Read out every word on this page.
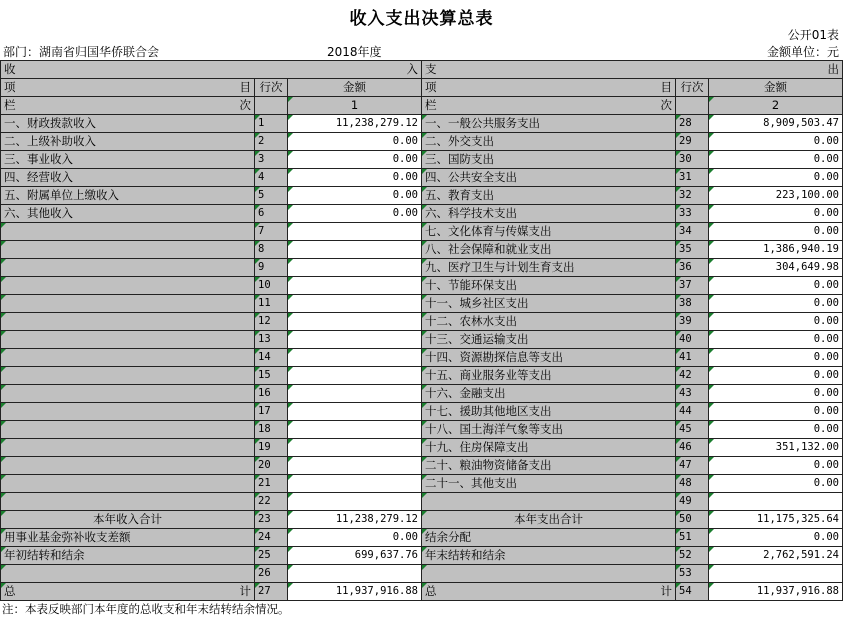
收入支出决算总表
公开01表
部门：湖南省归国华侨联合会	2018年度	金额单位：元
收 入			支 出		

项 目	行次	金额	项 目	行次	金额

栏 次		1	栏 次		2
一、财政拨款收入	1	11,238,279.12	一、一般公共服务支出	28	8,909,503.47
二、上级补助收入	2	0.00	二、外交支出	29	0.00
三、事业收入	3	0.00	三、国防支出	30	0.00
四、经营收入	4	0.00	四、公共安全支出	31	0.00
五、附属单位上缴收入	5	0.00	五、教育支出	32	223,100.00
六、其他收入	6	0.00	六、科学技术支出	33	0.00
	7		七、文化体育与传媒支出	34	0.00
	8		八、社会保障和就业支出	35	1,386,940.19
	9		九、医疗卫生与计划生育支出	36	304,649.98
	10		十、节能环保支出	37	0.00
	11		十一、城乡社区支出	38	0.00
	12		十二、农林水支出	39	0.00
	13		十三、交通运输支出	40	0.00
	14		十四、资源勘探信息等支出	41	0.00
	15		十五、商业服务业等支出	42	0.00
	16		十六、金融支出	43	0.00
	17		十七、援助其他地区支出	44	0.00
	18		十八、国土海洋气象等支出	45	0.00
	19		十九、住房保障支出	46	351,132.00
	20		二十、粮油物资储备支出	47	0.00
	21		二十一、其他支出	48	0.00
	22			49	
本年收入合计	23	11,238,279.12	本年支出合计	50	11,175,325.64
用事业基金弥补收支差额	24	0.00	结余分配	51	0.00
年初结转和结余	25	699,637.76	年末结转和结余	52	2,762,591.24
	26			53	

总 计	27	11,937,916.88	总 计	54	11,937,916.88
注：本表反映部门本年度的总收支和年末结转结余情况。
